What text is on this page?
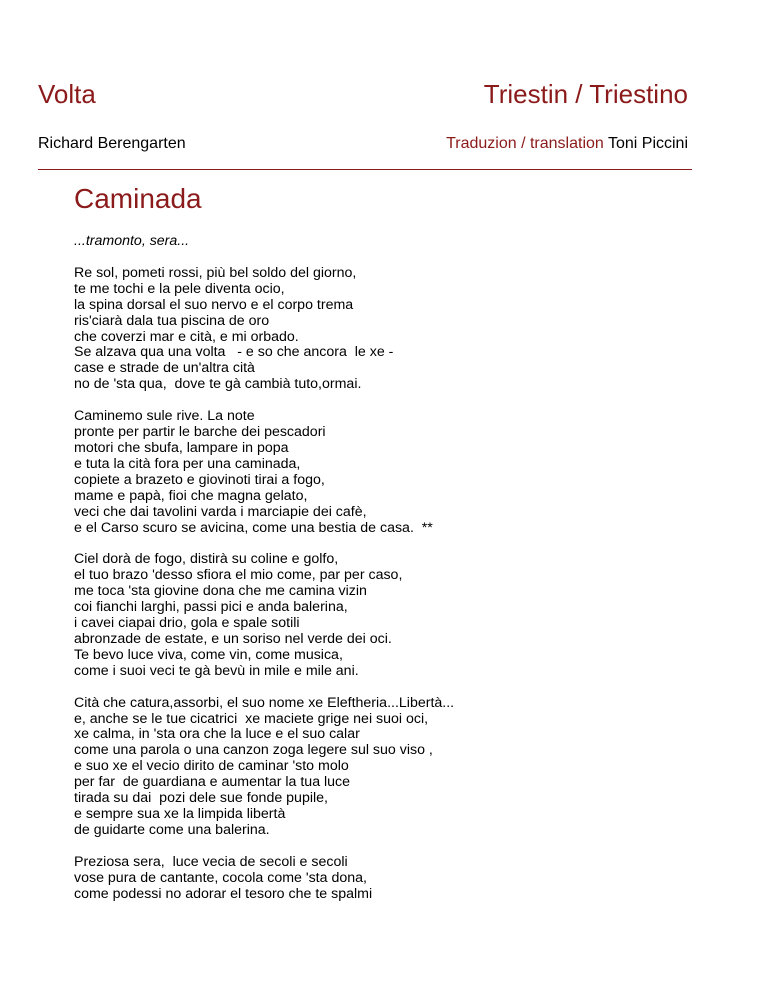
Volta	Triestin / Triestino
Richard Berengarten	Traduzion / translation Toni Piccini
Caminada
...tramonto, sera...
Re sol, pometi rossi, più bel soldo del giorno,
te me tochi e la pele diventa ocio,
la spina dorsal el suo nervo e el corpo trema
ris'ciarà dala tua piscina de oro
che coverzi mar e cità, e mi orbado.
Se alzava qua una volta   - e so che ancora  le xe -
case e strade de un'altra cità
no de 'sta qua,  dove te gà cambià tuto,ormai.
Caminemo sule rive. La note
pronte per partir le barche dei pescadori
motori che sbufa, lampare in popa
e tuta la cità fora per una caminada,
copiete a brazeto e giovinoti tirai a fogo,
mame e papà, fioi che magna gelato,
veci che dai tavolini varda i marciapie dei cafè,
e el Carso scuro se avicina, come una bestia de casa.  **
Ciel dorà de fogo, distirà su coline e golfo,
el tuo brazo 'desso sfiora el mio come, par per caso,
me toca 'sta giovine dona che me camina vizin
coi fianchi larghi, passi pici e anda balerina,
i cavei ciapai drio, gola e spale sotili
abronzade de estate, e un soriso nel verde dei oci.
Te bevo luce viva, come vin, come musica,
come i suoi veci te gà bevù in mile e mile ani.
Cità che catura,assorbi, el suo nome xe Eleftheria...Libertà...
e, anche se le tue cicatrici  xe maciete grige nei suoi oci,
xe calma, in 'sta ora che la luce e el suo calar
come una parola o una canzon zoga legere sul suo viso ,
e suo xe el vecio dirito de caminar 'sto molo
per far  de guardiana e aumentar la tua luce
tirada su dai  pozi dele sue fonde pupile,
e sempre sua xe la limpida libertà
de guidarte come una balerina.
Preziosa sera,  luce vecia de secoli e secoli
vose pura de cantante, cocola come 'sta dona,
come podessi no adorar el tesoro che te spalmi
